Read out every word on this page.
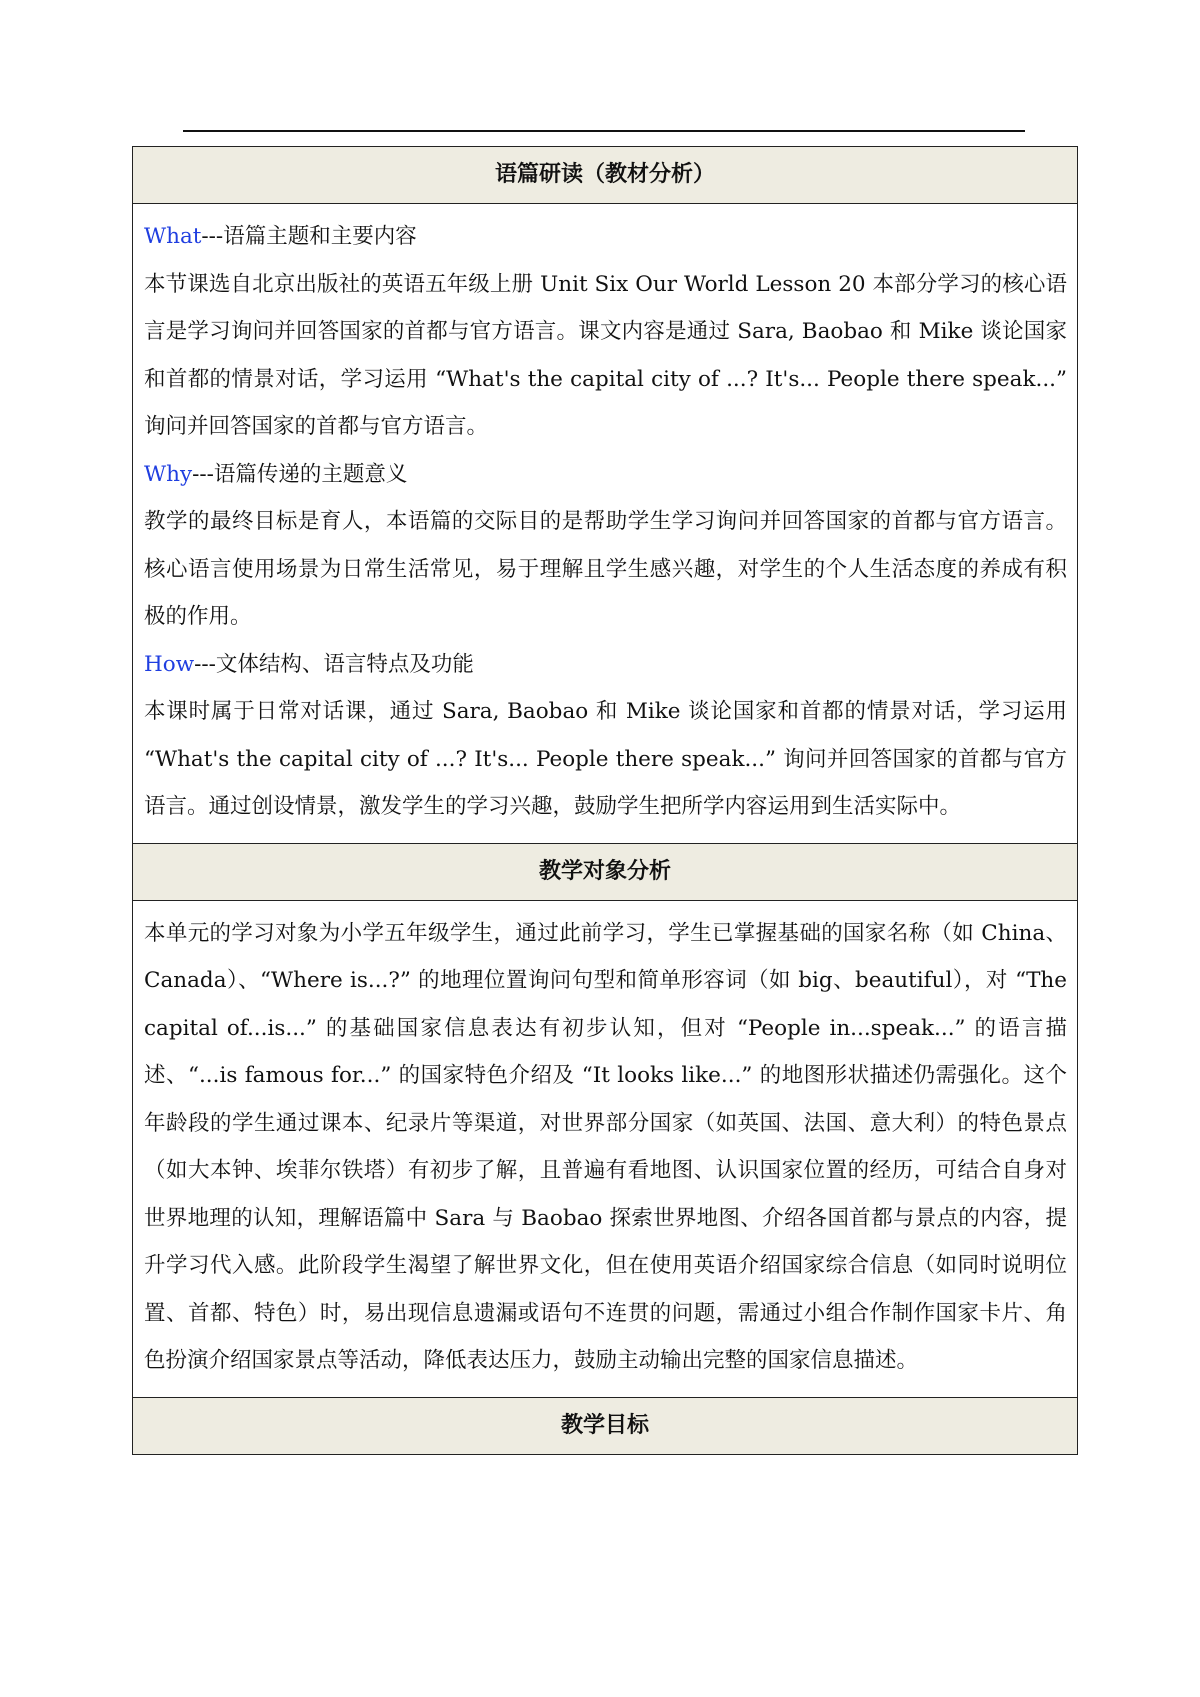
语篇研读（教材分析）

What---语篇主题和主要内容

本节课选自北京出版社的英语五年级上册 Unit Six Our World Lesson 20 本部分学习的核心语言是学习询问并回答国家的首都与官方语言。课文内容是通过 Sara, Baobao 和 Mike 谈论国家和首都的情景对话，学习运用 “What's the capital city of ...? It's... People there speak...” 询问并回答国家的首都与官方语言。

Why---语篇传递的主题意义

教学的最终目标是育人，本语篇的交际目的是帮助学生学习询问并回答国家的首都与官方语言。核心语言使用场景为日常生活常见，易于理解且学生感兴趣，对学生的个人生活态度的养成有积极的作用。

How---文体结构、语言特点及功能

本课时属于日常对话课，通过 Sara, Baobao 和 Mike 谈论国家和首都的情景对话，学习运用 “What's the capital city of ...? It's... People there speak...” 询问并回答国家的首都与官方语言。通过创设情景，激发学生的学习兴趣，鼓励学生把所学内容运用到生活实际中。

教学对象分析

本单元的学习对象为小学五年级学生，通过此前学习，学生已掌握基础的国家名称（如 China、Canada）、“Where is...?” 的地理位置询问句型和简单形容词（如 big、beautiful），对 “The capital of...is...” 的基础国家信息表达有初步认知，但对 “People in...speak...” 的语言描述、“...is famous for...” 的国家特色介绍及 “It looks like...” 的地图形状描述仍需强化。这个年龄段的学生通过课本、纪录片等渠道，对世界部分国家（如英国、法国、意大利）的特色景点（如大本钟、埃菲尔铁塔）有初步了解，且普遍有看地图、认识国家位置的经历，可结合自身对世界地理的认知，理解语篇中 Sara 与 Baobao 探索世界地图、介绍各国首都与景点的内容，提升学习代入感。此阶段学生渴望了解世界文化，但在使用英语介绍国家综合信息（如同时说明位置、首都、特色）时，易出现信息遗漏或语句不连贯的问题，需通过小组合作制作国家卡片、角色扮演介绍国家景点等活动，降低表达压力，鼓励主动输出完整的国家信息描述。

教学目标
